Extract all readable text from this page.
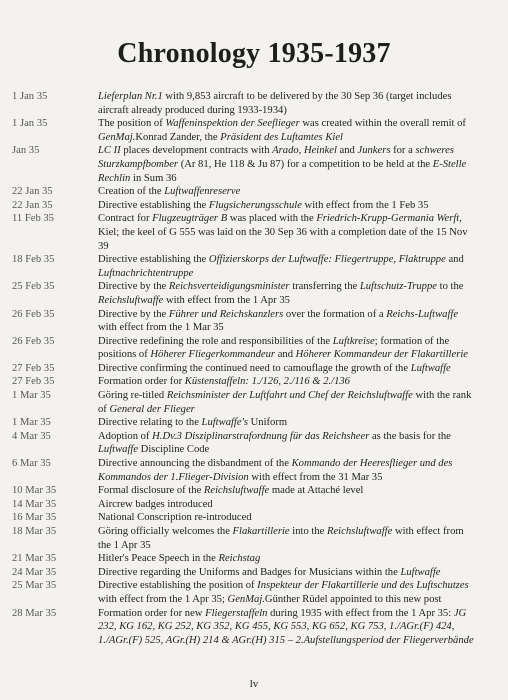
Chronology 1935-1937
1 Jan 35	Lieferplan Nr.1 with 9,853 aircraft to be delivered by the 30 Sep 36 (target includes aircraft already produced during 1933-1934)
1 Jan 35	The position of Waffeninspektion der Seeflieger was created within the overall remit of GenMaj.Konrad Zander, the Präsident des Luftamtes Kiel
Jan 35	LC II places development contracts with Arado, Heinkel and Junkers for a schweres Sturzkampfbomber (Ar 81, He 118 & Ju 87) for a competition to be held at the E-Stelle Rechlin in Sum 36
22 Jan 35	Creation of the Luftwaffenreserve
22 Jan 35	Directive establishing the Flugsicherungsschule with effect from the 1 Feb 35
11 Feb 35	Contract for Flugzeugträger B was placed with the Friedrich-Krupp-Germania Werft, Kiel; the keel of G 555 was laid on the 30 Sep 36 with a completion date of the 15 Nov 39
18 Feb 35	Directive establishing the Offizierskorps der Luftwaffe: Fliegertruppe, Flaktruppe and Luftnachrichtentruppe
25 Feb 35	Directive by the Reichsverteidigungsminister transferring the Luftschutz-Truppe to the Reichsluftwaffe with effect from the 1 Apr 35
26 Feb 35	Directive by the Führer und Reichskanzlers over the formation of a Reichs-Luftwaffe with effect from the 1 Mar 35
26 Feb 35	Directive redefining the role and responsibilities of the Luftkreise; formation of the positions of Höherer Fliegerkommandeur and Höherer Kommandeur der Flakartillerie
27 Feb 35	Directive confirming the continued need to camouflage the growth of the Luftwaffe
27 Feb 35	Formation order for Küstenstaffeln: 1./126, 2./116 & 2./136
1 Mar 35	Göring re-titled Reichsminister der Luftfahrt und Chef der Reichsluftwaffe with the rank of General der Flieger
1 Mar 35	Directive relating to the Luftwaffe's Uniform
4 Mar 35	Adoption of H.Dv.3 Disziplinarstrafordnung für das Reichsheer as the basis for the Luftwaffe Discipline Code
6 Mar 35	Directive announcing the disbandment of the Kommando der Heeresflieger und des Kommandos der 1.Flieger-Division with effect from the 31 Mar 35
10 Mar 35	Formal disclosure of the Reichsluftwaffe made at Attaché level
14 Mar 35	Aircrew badges introduced
16 Mar 35	National Conscription re-introduced
18 Mar 35	Göring officially welcomes the Flakartillerie into the Reichsluftwaffe with effect from the 1 Apr 35
21 Mar 35	Hitler's Peace Speech in the Reichstag
24 Mar 35	Directive regarding the Uniforms and Badges for Musicians within the Luftwaffe
25 Mar 35	Directive establishing the position of Inspekteur der Flakartillerie und des Luftschutzes with effect from the 1 Apr 35; GenMaj.Günther Rüdel appointed to this new post
28 Mar 35	Formation order for new Fliegerstaffeln during 1935 with effect from the 1 Apr 35: JG 232, KG 162, KG 252, KG 352, KG 455, KG 553, KG 652, KG 753, 1./AGr.(F) 424, 1./AGr.(F) 525, AGr.(H) 214 & AGr.(H) 315 – 2.Aufstellungsperiod der Fliegerverbände
lv
